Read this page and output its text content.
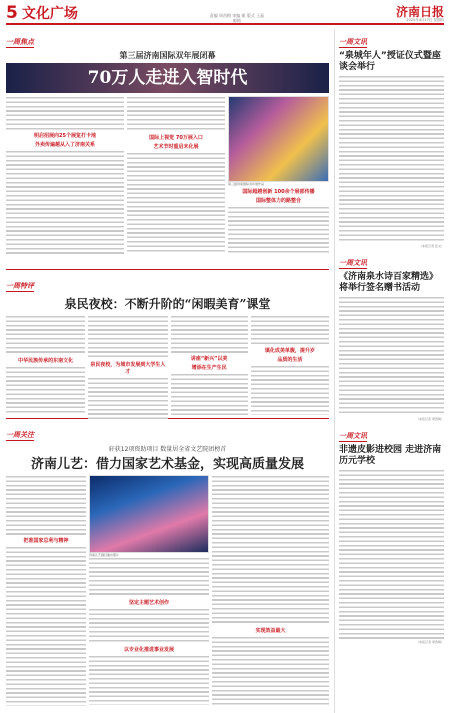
5 文化广场	责编 周西梅 审编 姬 版式 王晶
邮箱
济南日报
2025年4月17日 星期四
一周焦点
第三届济南国际双年展闭幕
70万人走进入智时代
明启招展向25个展览打卡地
外卖传遍越从入了济南关系
国际上视觉 70万展入口
艺术节时重启未化展
第三届济南国际双年展作品
国际超越创新 100余个展部传播
国际整体力的路整合
一周特评
泉民夜校：不断升阶的“闲暇美育”课堂
中华民族传承的东南文化
泉民夜校，为城市发展到大学生人才
讲座“新兴”以美
增添在生产生民
填化成美单腹，提升岁
品质的生活
一周关注
轩获12项资助项目 数量居全省文艺院团榜首
济南儿艺：借力国家艺术基金，实现高质量发展
把准国家总利与精神
济南儿艺剧目演出照片
坚定主题艺术创作
以专业化推进事业发展
实现效益最大
一周文讯
“泉城年人”授证仪式暨座谈会举行
（本报记者 张文）
一周文讯
《济南泉水诗百家精选》将举行签名赠书活动
（本报记者 周西梅）
一周文讯
非遗皮影进校园 走进济南历元学校
（本报记者 周西梅）
